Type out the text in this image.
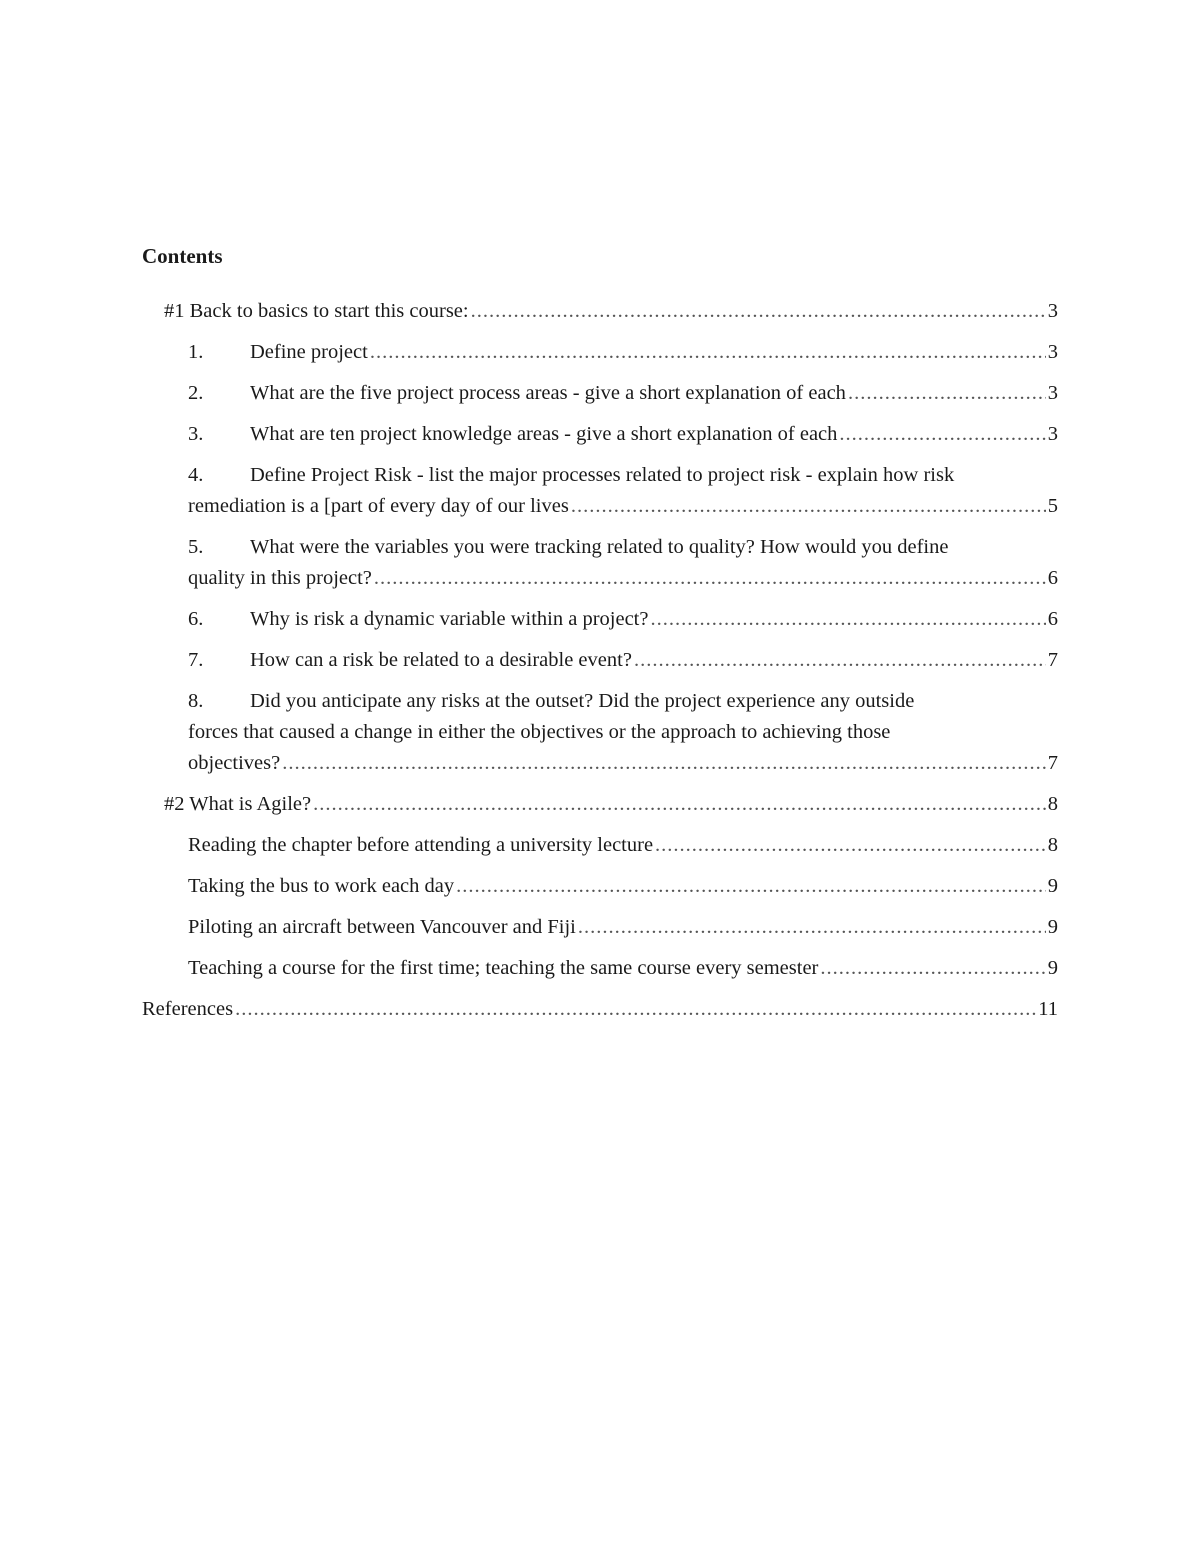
Contents
#1 Back to basics to start this course: .....	3
1. Define project .....	3
2. What are the five project process areas - give a short explanation of each .....	3
3. What are ten project knowledge areas - give a short explanation of each .....	3
4. Define Project Risk - list the major processes related to project risk - explain how risk
remediation is a [part of every day of our lives .....	5
5. What were the variables you were tracking related to quality? How would you define
quality in this project? .....	6
6. Why is risk a dynamic variable within a project? .....	6
7. How can a risk be related to a desirable event? .....	7
8. Did you anticipate any risks at the outset? Did the project experience any outside
forces that caused a change in either the objectives or the approach to achieving those
objectives? .....	7
#2 What is Agile? .....	8
Reading the chapter before attending a university lecture .....	8
Taking the bus to work each day .....	9
Piloting an aircraft between Vancouver and Fiji .....	9
Teaching a course for the first time; teaching the same course every semester .....	9
References .....	11
